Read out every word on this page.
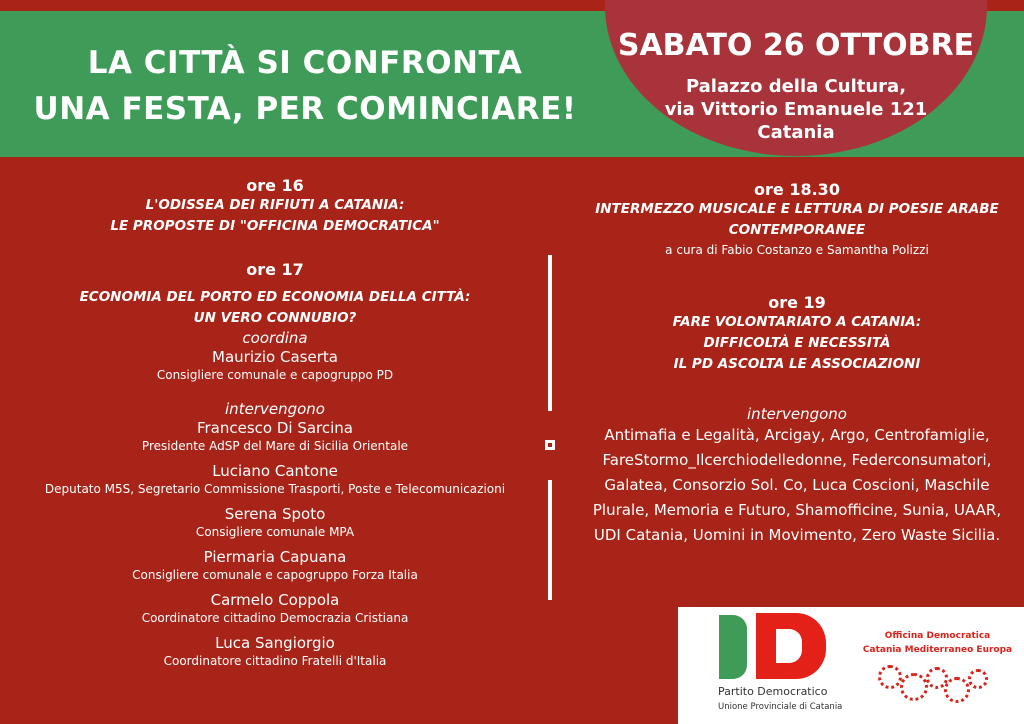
LA CITTÀ SI CONFRONTA
UNA FESTA, PER COMINCIARE!
SABATO 26 OTTOBRE
Palazzo della Cultura,
via Vittorio Emanuele 121
Catania
ore 16
L'ODISSEA DEI RIFIUTI A CATANIA:
LE PROPOSTE DI "OFFICINA DEMOCRATICA"
ore 17
ECONOMIA DEL PORTO ED ECONOMIA DELLA CITTÀ:
UN VERO CONNUBIO?
coordina
Maurizio Caserta
Consigliere comunale e capogruppo PD
intervengono
Francesco Di Sarcina
Presidente AdSP del Mare di Sicilia Orientale
Luciano Cantone
Deputato M5S, Segretario Commissione Trasporti, Poste e Telecomunicazioni
Serena Spoto
Consigliere comunale MPA
Piermaria Capuana
Consigliere comunale e capogruppo Forza Italia
Carmelo Coppola
Coordinatore cittadino Democrazia Cristiana
Luca Sangiorgio
Coordinatore cittadino Fratelli d'Italia
ore 18.30
INTERMEZZO MUSICALE E LETTURA DI POESIE ARABE
CONTEMPORANEE
a cura di Fabio Costanzo e Samantha Polizzi
ore 19
FARE VOLONTARIATO A CATANIA:
DIFFICOLTÀ E NECESSITÀ
IL PD ASCOLTA LE ASSOCIAZIONI
intervengono
Antimafia e Legalità, Arcigay, Argo, Centrofamiglie,
FareStormo_Ilcerchiodelledonne, Federconsumatori,
Galatea, Consorzio Sol. Co, Luca Coscioni, Maschile
Plurale, Memoria e Futuro, Shamofficine, Sunia, UAAR,
UDI Catania, Uomini in Movimento, Zero Waste Sicilia.
Partito Democratico
Unione Provinciale di Catania
Officina Democratica
Catania Mediterraneo Europa
